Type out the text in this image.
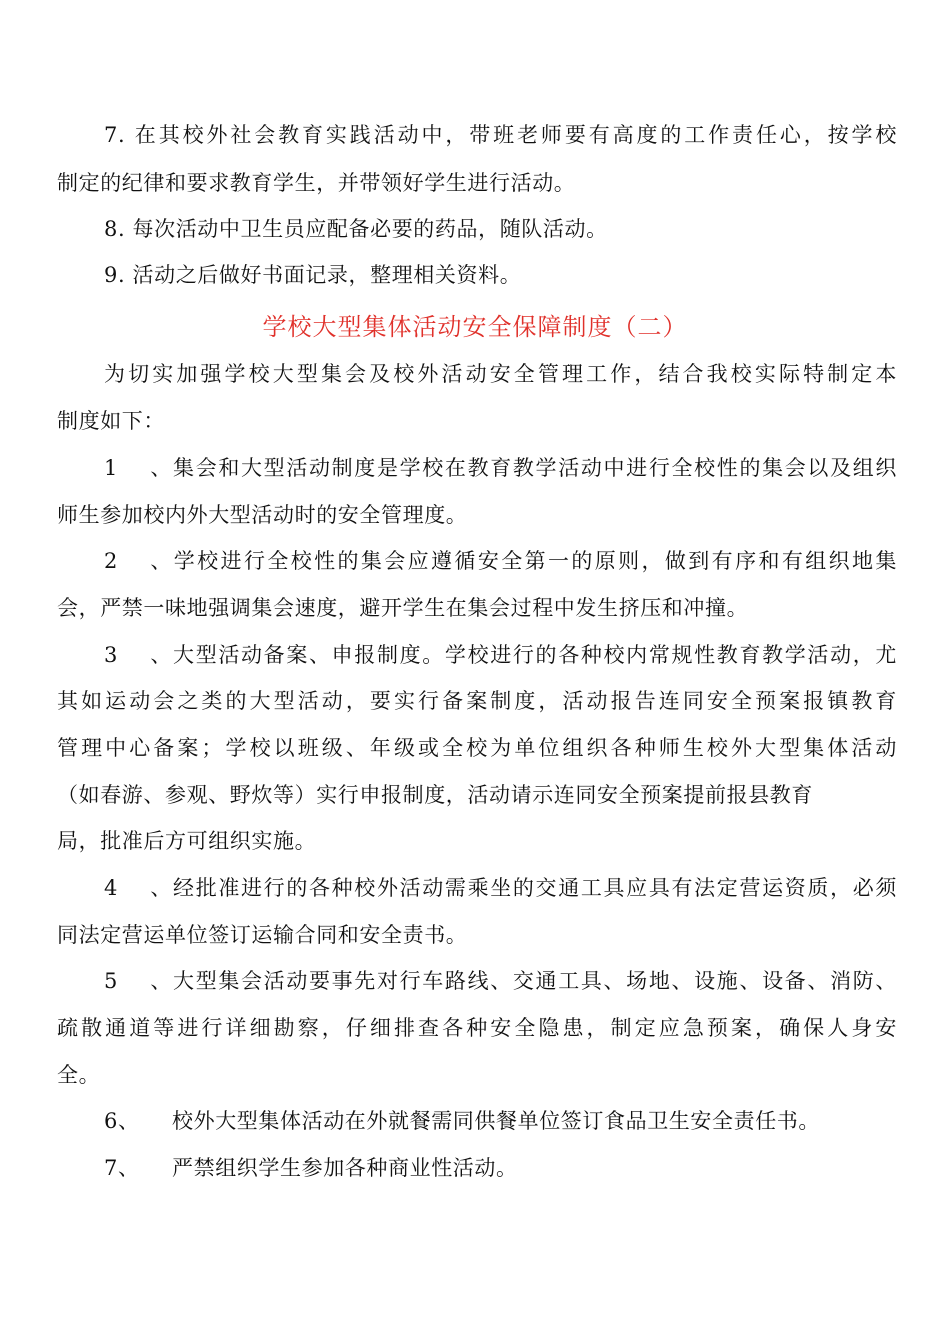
7. 在其校外社会教育实践活动中，带班老师要有高度的工作责任心，按学校
制定的纪律和要求教育学生，并带领好学生进行活动。
8. 每次活动中卫生员应配备必要的药品，随队活动。
9. 活动之后做好书面记录，整理相关资料。
学校大型集体活动安全保障制度（二）
为切实加强学校大型集会及校外活动安全管理工作，结合我校实际特制定本
制度如下：
1、集会和大型活动制度是学校在教育教学活动中进行全校性的集会以及组织
师生参加校内外大型活动时的安全管理度。
2、学校进行全校性的集会应遵循安全第一的原则，做到有序和有组织地集
会，严禁一味地强调集会速度，避开学生在集会过程中发生挤压和冲撞。
3、大型活动备案、申报制度。学校进行的各种校内常规性教育教学活动，尤
其如运动会之类的大型活动，要实行备案制度，活动报告连同安全预案报镇教育
管理中心备案；学校以班级、年级或全校为单位组织各种师生校外大型集体活动
（如春游、参观、野炊等）实行申报制度，活动请示连同安全预案提前报县教育
局，批准后方可组织实施。
4、经批准进行的各种校外活动需乘坐的交通工具应具有法定营运资质，必须
同法定营运单位签订运输合同和安全责书。
5、大型集会活动要事先对行车路线、交通工具、场地、设施、设备、消防、
疏散通道等进行详细勘察，仔细排查各种安全隐患，制定应急预案，确保人身安
全。
6、 校外大型集体活动在外就餐需同供餐单位签订食品卫生安全责任书。
7、 严禁组织学生参加各种商业性活动。
